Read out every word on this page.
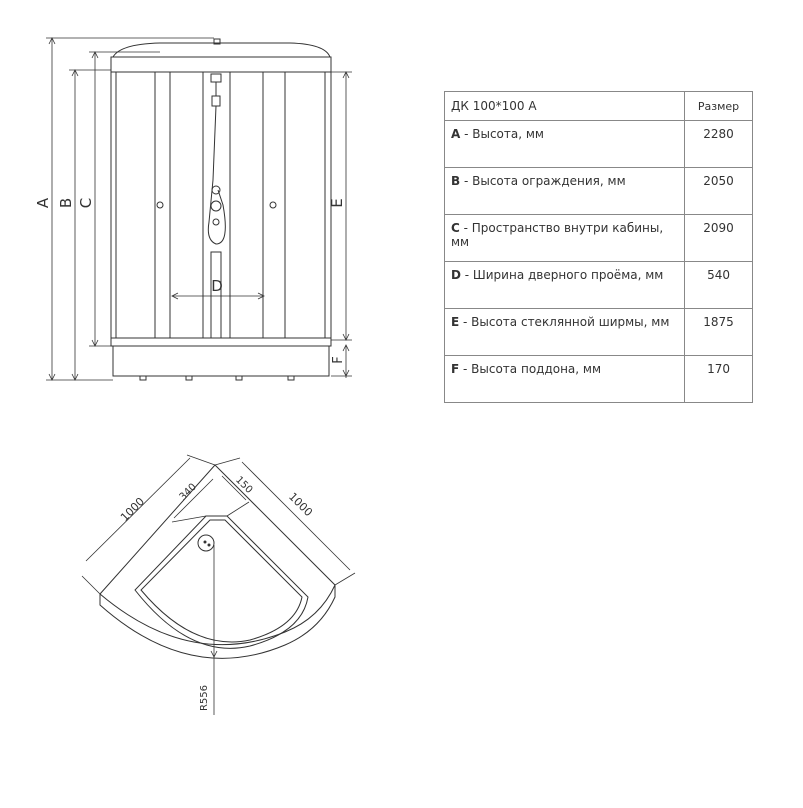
A B C
D
E
F
1000	1000
340	150
R556
ДК 100*100 А	Размер
A - Высота, мм	2280
B - Высота ограждения, мм	2050
C - Пространство внутри кабины, мм	2090
D - Ширина дверного проёма, мм	540
E - Высота стеклянной ширмы, мм	1875
F - Высота поддона, мм	170
